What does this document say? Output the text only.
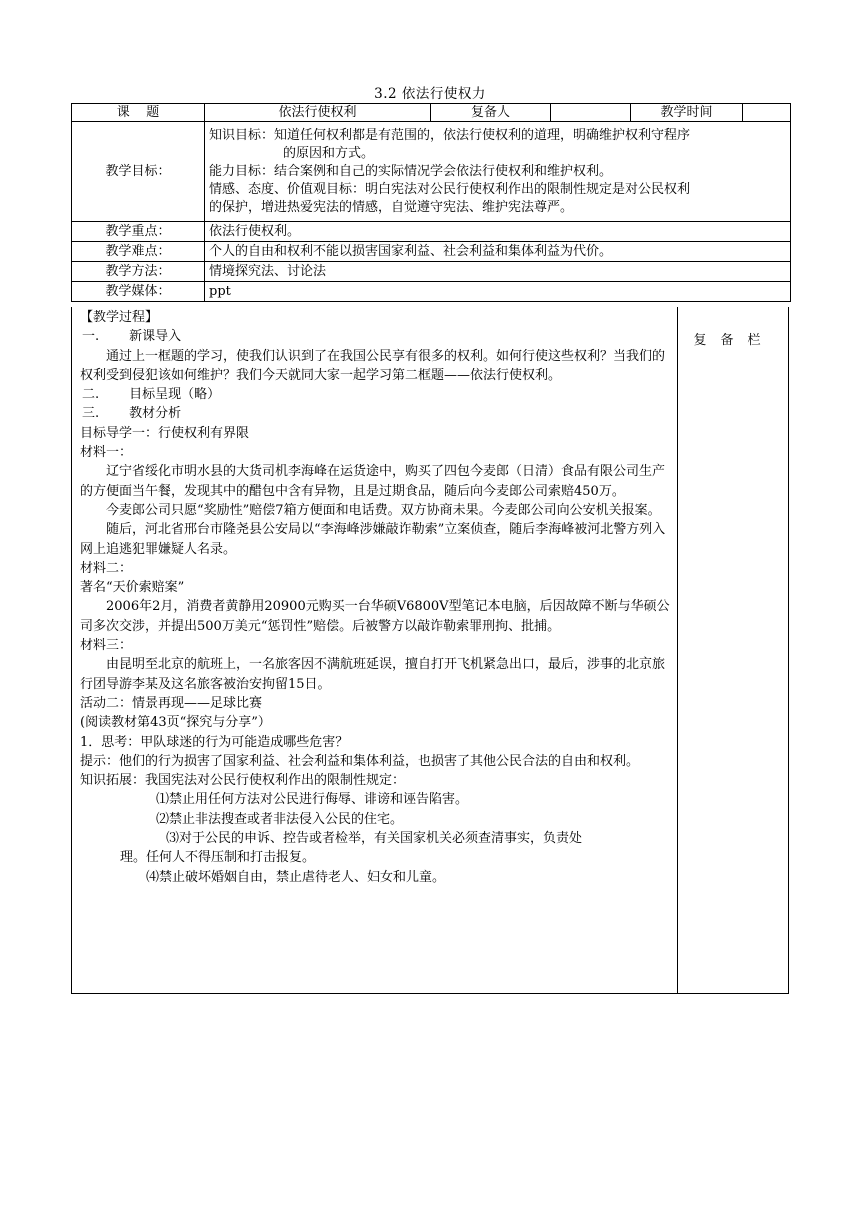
3.2 依法行使权力
课    题	依法行使权利	复备人		教学时间	
教学目标：	知识目标：知道任何权利都是有范围的，依法行使权利的道理，明确维护权利守程序

的原因和方式。

能力目标：结合案例和自己的实际情况学会依法行使权利和维护权利。

情感、态度、价值观目标：明白宪法对公民行使权利作出的限制性规定是对公民权利

的保护，增进热爱宪法的情感，自觉遵守宪法、维护宪法尊严。				

教学重点：	依法行使权利。				
教学难点：	个人的自由和权利不能以损害国家利益、社会利益和集体利益为代价。				
教学方法：	情境探究法、讨论法				
教学媒体：	ppt				
复备栏

【教学过程】

一. 新课导入

通过上一框题的学习，使我们认识到了在我国公民享有很多的权利。如何行使这些权利？当我们的权利受到侵犯该如何维护？我们今天就同大家一起学习第二框题——依法行使权利。

二. 目标呈现（略）

三. 教材分析

目标导学一：行使权利有界限

材料一：

辽宁省绥化市明水县的大货司机李海峰在运货途中，购买了四包今麦郎（日清）食品有限公司生产的方便面当午餐，发现其中的醋包中含有异物，且是过期食品，随后向今麦郎公司索赔450万。

今麦郎公司只愿“奖励性”赔偿7箱方便面和电话费。双方协商未果。今麦郎公司向公安机关报案。

随后，河北省邢台市隆尧县公安局以“李海峰涉嫌敲诈勒索”立案侦查，随后李海峰被河北警方列入网上追逃犯罪嫌疑人名录。

材料二：

著名“天价索赔案”

2006年2月，消费者黄静用20900元购买一台华硕V6800V型笔记本电脑，后因故障不断与华硕公司多次交涉，并提出500万美元“惩罚性”赔偿。后被警方以敲诈勒索罪刑拘、批捕。

材料三：

由昆明至北京的航班上，一名旅客因不满航班延误，擅自打开飞机紧急出口，最后，涉事的北京旅行团导游李某及这名旅客被治安拘留15日。

活动二：情景再现——足球比赛

(阅读教材第43页“探究与分享”）

1．思考：甲队球迷的行为可能造成哪些危害？

提示：他们的行为损害了国家利益、社会利益和集体利益，也损害了其他公民合法的自由和权利。

知识拓展：我国宪法对公民行使权利作出的限制性规定：

⑴禁止用任何方法对公民进行侮辱、诽谤和诬告陷害。

⑵禁止非法搜查或者非法侵入公民的住宅。

⑶对于公民的申诉、控告或者检举，有关国家机关必须查清事实，负责处

理。任何人不得压制和打击报复。

⑷禁止破坏婚姻自由，禁止虐待老人、妇女和儿童。
